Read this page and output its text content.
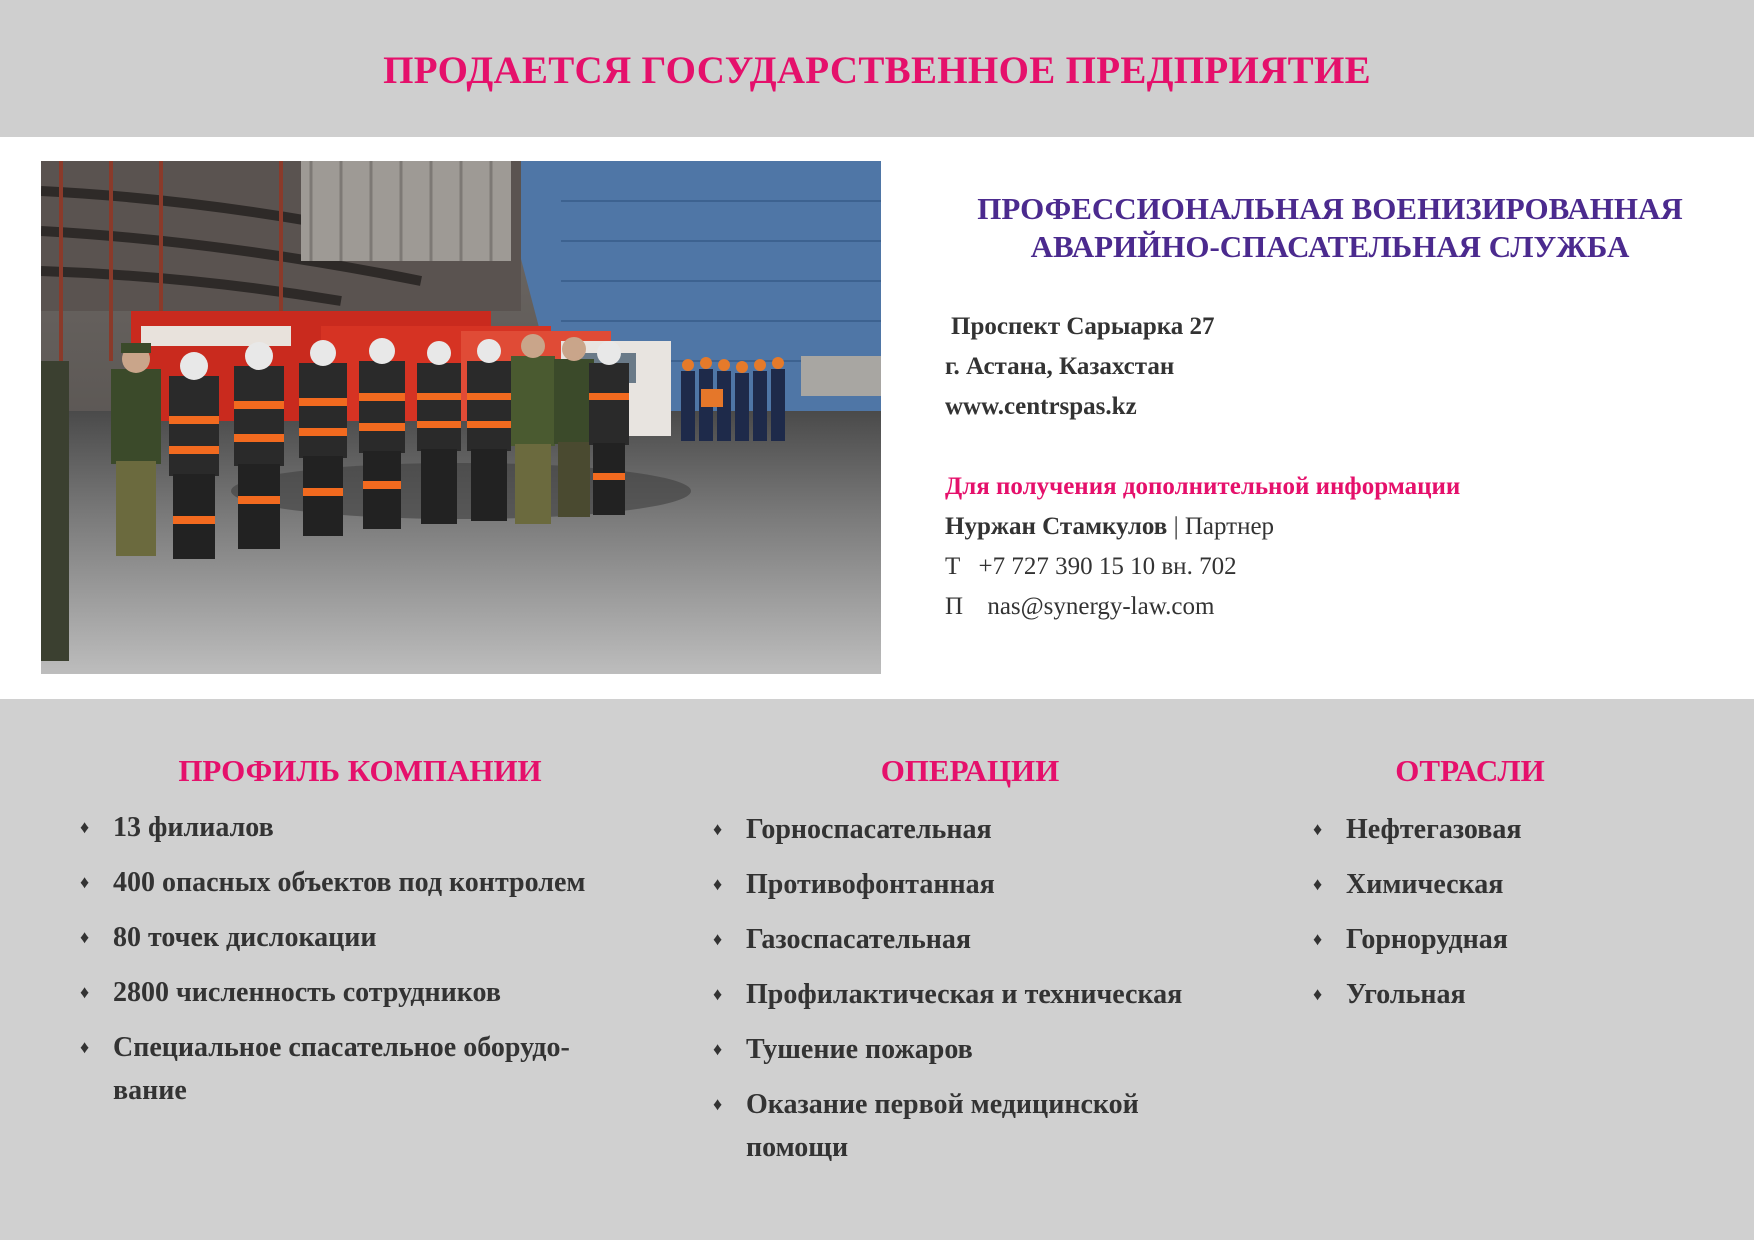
ПРОДАЕТСЯ ГОСУДАРСТВЕННОЕ ПРЕДПРИЯТИЕ
ПРОФЕССИОНАЛЬНАЯ ВОЕНИЗИРОВАННАЯ
АВАРИЙНО-СПАСАТЕЛЬНАЯ СЛУЖБА
Проспект Сарыарка 27
г. Астана, Казахстан
www.centrspas.kz
Для получения дополнительной информации
Нуржан Стамкулов | Партнер
Т +7 727 390 15 10 вн. 702
П nas@synergy-law.com
ПРОФИЛЬ КОМПАНИИ
♦ 13 филиалов
♦ 400 опасных объектов под контролем
♦ 80 точек дислокации
♦ 2800 численность сотрудников
♦ Специальное спасательное оборудо-вание
ОПЕРАЦИИ
♦ Горноспасательная
♦ Противофонтанная
♦ Газоспасательная
♦ Профилактическая и техническая
♦ Тушение пожаров
♦ Оказание первой медицинской помощи
ОТРАСЛИ
♦ Нефтегазовая
♦ Химическая
♦ Горнорудная
♦ Угольная
